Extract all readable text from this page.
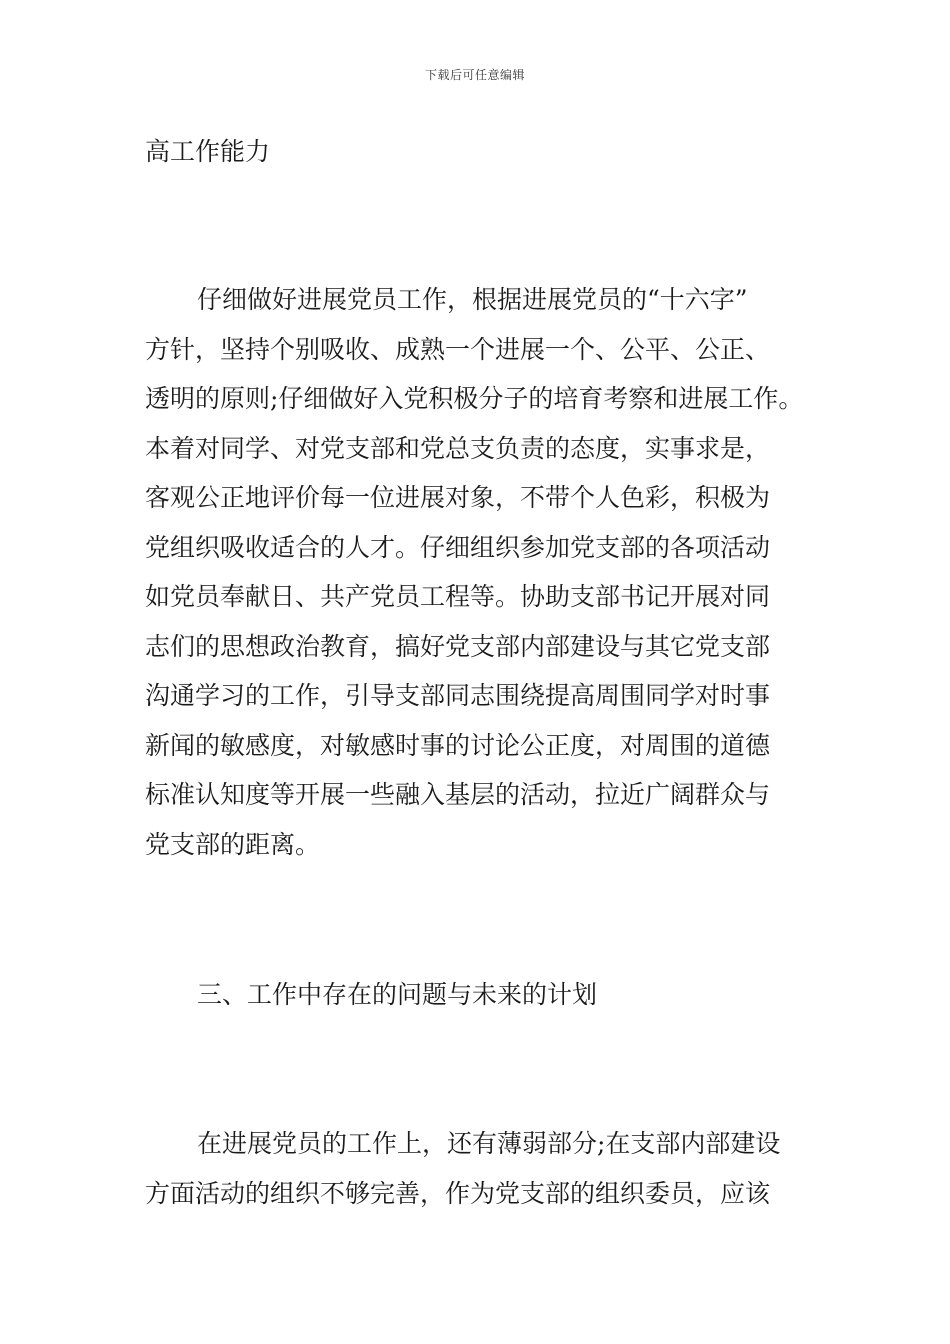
下载后可任意编辑

高工作能力

仔细做好进展党员工作，根据进展党员的“十六字”
方针，坚持个别吸收、成熟一个进展一个、公平、公正、
透明的原则;仔细做好入党积极分子的培育考察和进展工作。
本着对同学、对党支部和党总支负责的态度，实事求是，
客观公正地评价每一位进展对象，不带个人色彩，积极为
党组织吸收适合的人才。仔细组织参加党支部的各项活动
如党员奉献日、共产党员工程等。协助支部书记开展对同
志们的思想政治教育，搞好党支部内部建设与其它党支部
沟通学习的工作，引导支部同志围绕提高周围同学对时事
新闻的敏感度，对敏感时事的讨论公正度，对周围的道德
标准认知度等开展一些融入基层的活动，拉近广阔群众与
党支部的距离。

三、工作中存在的问题与未来的计划

在进展党员的工作上，还有薄弱部分;在支部内部建设
方面活动的组织不够完善，作为党支部的组织委员，应该
